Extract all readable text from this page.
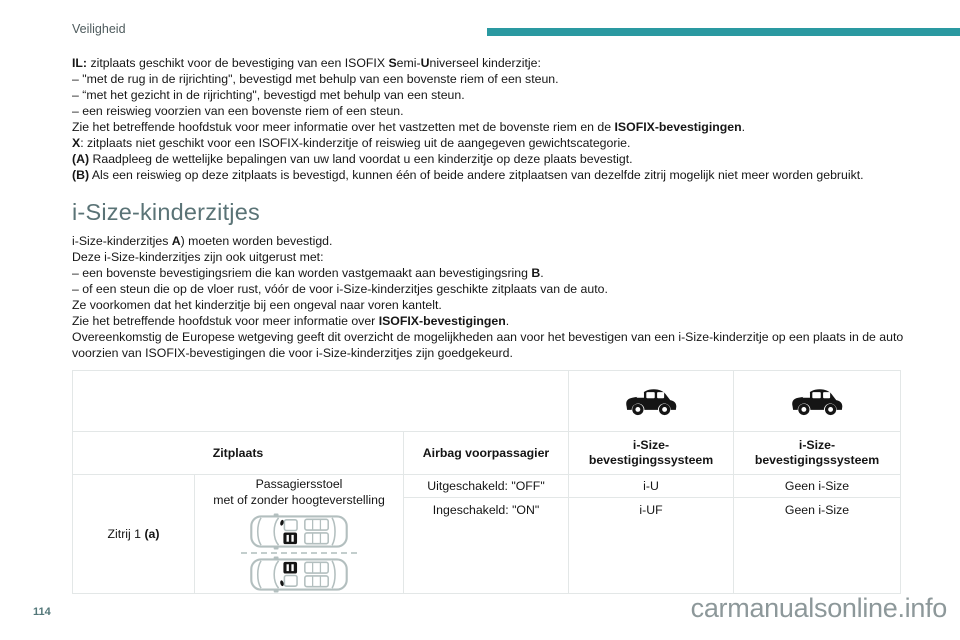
Veiligheid

IL: zitplaats geschikt voor de bevestiging van een ISOFIX Semi-Universeel kinderzitje:

– "met de rug in de rijrichting", bevestigd met behulp van een bovenste riem of een steun.

– “met het gezicht in de rijrichting", bevestigd met behulp van een steun.

– een reiswieg voorzien van een bovenste riem of een steun.

Zie het betreffende hoofdstuk voor meer informatie over het vastzetten met de bovenste riem en de ISOFIX-bevestigingen.

X: zitplaats niet geschikt voor een ISOFIX-kinderzitje of reiswieg uit de aangegeven gewichtscategorie.

(A) Raadpleeg de wettelijke bepalingen van uw land voordat u een kinderzitje op deze plaats bevestigt.

(B) Als een reiswieg op deze zitplaats is bevestigd, kunnen één of beide andere zitplaatsen van dezelfde zitrij mogelijk niet meer worden gebruikt.

i-Size-kinderzitjes

i-Size-kinderzitjes A) moeten worden bevestigd.

Deze i-Size-kinderzitjes zijn ook uitgerust met:

– een bovenste bevestigingsriem die kan worden vastgemaakt aan bevestigingsring B.

– of een steun die op de vloer rust, vóór de voor i-Size-kinderzitjes geschikte zitplaats van de auto.

Ze voorkomen dat het kinderzitje bij een ongeval naar voren kantelt.

Zie het betreffende hoofdstuk voor meer informatie over ISOFIX-bevestigingen.

Overeenkomstig de Europese wetgeving geeft dit overzicht de mogelijkheden aan voor het bevestigen van een i-Size-kinderzitje op een plaats in de auto voorzien van ISOFIX-bevestigingen die voor i-Size-kinderzitjes zijn goedgekeurd.

Zitplaats		Airbag voorpassagier	i-Size-bevestigingssysteem	i-Size-bevestigingssysteem
Zitrij 1 (a)	Passagiersstoel
met of zonder hoogteverstelling	Uitgeschakeld: "OFF"	i-U	Geen i-Size
		Ingeschakeld: "ON"	i-UF	Geen i-Size
114	carmanualsonline.info
